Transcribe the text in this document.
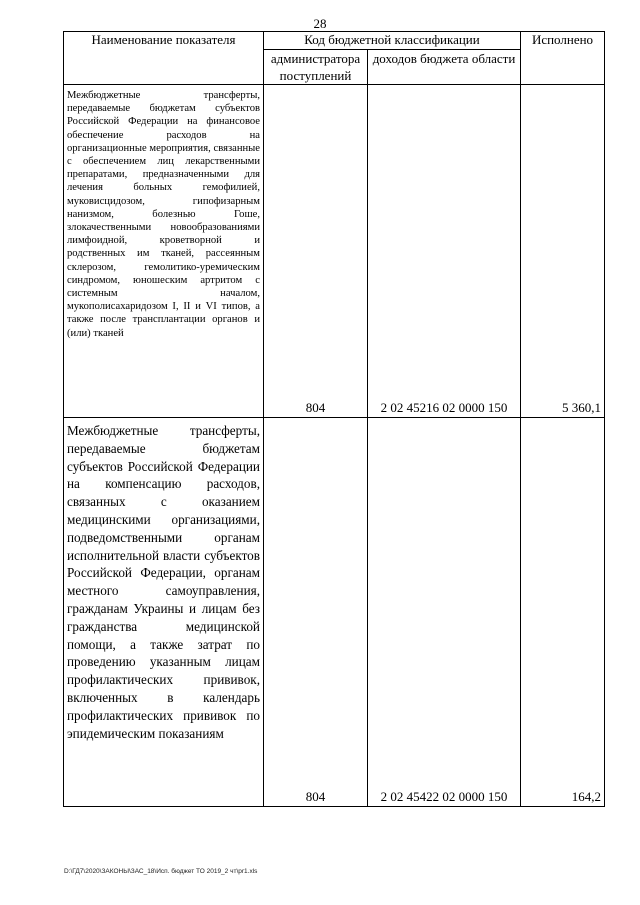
28
Наименование показателя	Код бюджетной классификации		Исполнено
	администратора поступлений	доходов бюджета области	
Межбюджетные трансферты, передаваемые бюджетам субъектов Российской Федерации на финансовое обеспечение расходов на организационные мероприятия, связанные с обеспечением лиц лекарственными препаратами, предназначенными для лечения больных гемофилией, муковисцидозом, гипофизарным нанизмом, болезнью Гоше, злокачественными новообразованиями лимфоидной, кроветворной и родственных им тканей, рассеянным склерозом, гемолитико-уремическим синдромом, юношеским артритом с системным началом, мукополисахаридозом I, II и VI типов, а также после трансплантации органов и (или) тканей	804	2 02 45216 02 0000 150	5 360,1
Межбюджетные трансферты, передаваемые бюджетам субъектов Российской Федерации на компенсацию расходов, связанных с оказанием медицинскими организациями, подведомственными органам исполнительной власти субъектов Российской Федерации, органам местного самоуправления, гражданам Украины и лицам без гражданства медицинской помощи, а также затрат по проведению указанным лицам профилактических прививок, включенных в календарь профилактических прививок по эпидемическим показаниям	804	2 02 45422 02 0000 150	164,2
D:\ГД7\2020\ЗАКОНЫ\ЗАС_18\Исп. бюджет ТО 2019_2 чт\рr1.xls
